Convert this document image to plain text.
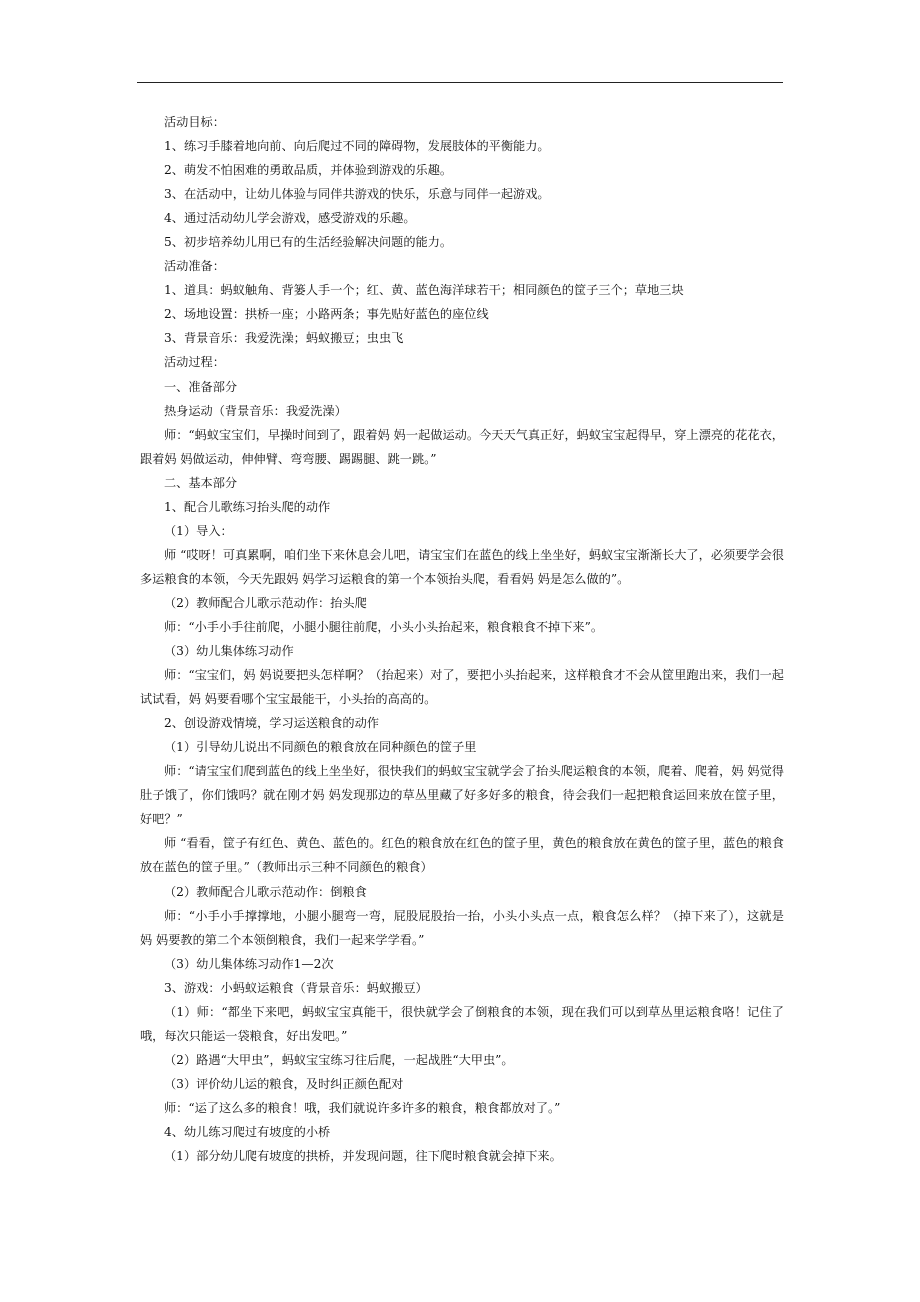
活动目标：

1、练习手膝着地向前、向后爬过不同的障碍物，发展肢体的平衡能力。

2、萌发不怕困难的勇敢品质，并体验到游戏的乐趣。

3、在活动中，让幼儿体验与同伴共游戏的快乐，乐意与同伴一起游戏。

4、通过活动幼儿学会游戏，感受游戏的乐趣。

5、初步培养幼儿用已有的生活经验解决问题的能力。

活动准备：

1、道具：蚂蚁触角、背篓人手一个；红、黄、蓝色海洋球若干；相同颜色的筐子三个；草地三块

2、场地设置：拱桥一座；小路两条；事先贴好蓝色的座位线

3、背景音乐：我爱洗澡；蚂蚁搬豆；虫虫飞

活动过程：

一、准备部分

热身运动（背景音乐：我爱洗澡）

师：“蚂蚁宝宝们，早操时间到了，跟着妈 妈一起做运动。今天天气真正好，蚂蚁宝宝起得早，穿上漂亮的花花衣，跟着妈 妈做运动，伸伸臂、弯弯腰、踢踢腿、跳一跳。”

二、基本部分

1、配合儿歌练习抬头爬的动作

（1）导入：

师 “哎呀！可真累啊，咱们坐下来休息会儿吧，请宝宝们在蓝色的线上坐坐好，蚂蚁宝宝渐渐长大了，必须要学会很多运粮食的本领，今天先跟妈 妈学习运粮食的第一个本领抬头爬，看看妈 妈是怎么做的”。

（2）教师配合儿歌示范动作：抬头爬

师：“小手小手往前爬，小腿小腿往前爬，小头小头抬起来，粮食粮食不掉下来”。

（3）幼儿集体练习动作

师：“宝宝们，妈 妈说要把头怎样啊？（抬起来）对了，要把小头抬起来，这样粮食才不会从筐里跑出来，我们一起试试看，妈 妈要看哪个宝宝最能干，小头抬的高高的。

2、创设游戏情境，学习运送粮食的动作

（1）引导幼儿说出不同颜色的粮食放在同种颜色的筐子里

师：“请宝宝们爬到蓝色的线上坐坐好，很快我们的蚂蚁宝宝就学会了抬头爬运粮食的本领，爬着、爬着，妈 妈觉得肚子饿了，你们饿吗？就在刚才妈 妈发现那边的草丛里藏了好多好多的粮食，待会我们一起把粮食运回来放在筐子里，好吧？”

师 “看看，筐子有红色、黄色、蓝色的。红色的粮食放在红色的筐子里，黄色的粮食放在黄色的筐子里，蓝色的粮食放在蓝色的筐子里。”（教师出示三种不同颜色的粮食）

（2）教师配合儿歌示范动作：倒粮食

师：“小手小手撑撑地，小腿小腿弯一弯，屁股屁股抬一抬，小头小头点一点，粮食怎么样？（掉下来了），这就是妈 妈要教的第二个本领倒粮食，我们一起来学学看。”

（3）幼儿集体练习动作1—2次

3、游戏：小蚂蚁运粮食（背景音乐：蚂蚁搬豆）

（1）师：“都坐下来吧，蚂蚁宝宝真能干，很快就学会了倒粮食的本领，现在我们可以到草丛里运粮食咯！记住了哦，每次只能运一袋粮食，好出发吧。”

（2）路遇“大甲虫”，蚂蚁宝宝练习往后爬，一起战胜“大甲虫”。

（3）评价幼儿运的粮食，及时纠正颜色配对

师：“运了这么多的粮食！哦，我们就说许多许多的粮食，粮食都放对了。”

4、幼儿练习爬过有坡度的小桥

（1）部分幼儿爬有坡度的拱桥，并发现问题，往下爬时粮食就会掉下来。
